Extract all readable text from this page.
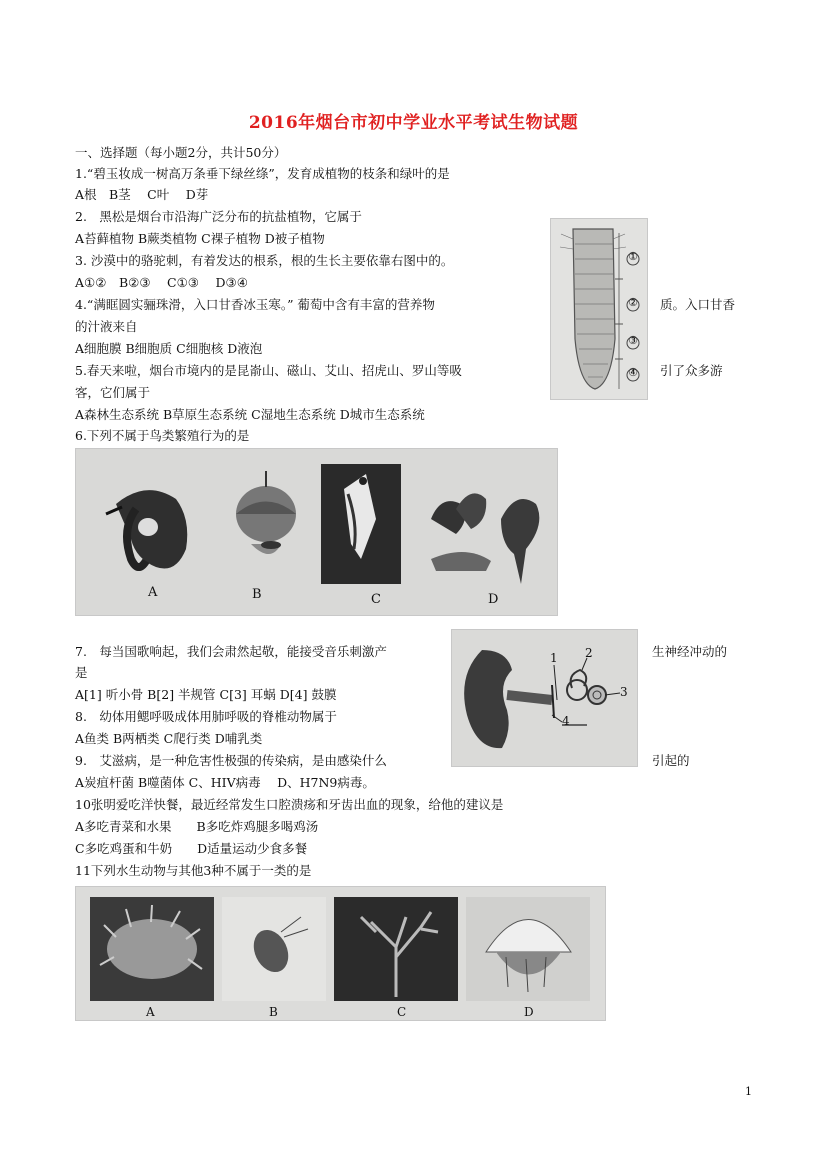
2016年烟台市初中学业水平考试生物试题
一、选择题（每小题2分，共计50分）
1.“碧玉妆成一树高万条垂下绿丝绦”，发育成植物的枝条和绿叶的是
A根　B茎　 C叶　 D芽
2.　黑松是烟台市沿海广泛分布的抗盐植物，它属于
A苔藓植物 B蕨类植物 C裸子植物 D被子植物
3. 沙漠中的骆驼刺，有着发达的根系，根的生长主要依靠右图中的。
A①②　B②③　 C①③　 D③④
4.“满眶圆实骊珠滑，入口甘香冰玉寒。” 葡萄中含有丰富的营养物	质。入口甘香
的汁液来自
A细胞膜 B细胞质 C细胞核 D液泡
5.春天来啦，烟台市境内的是昆嵛山、磁山、艾山、招虎山、罗山等吸	引了众多游
客，它们属于
A森林生态系统 B草原生态系统 C湿地生态系统 D城市生态系统
①
②
③
④
6.下列不属于鸟类繁殖行为的是
A	B	C	D
7.　每当国歌响起，我们会肃然起敬，能接受音乐刺激产	生神经冲动的
是
A[1] 听小骨 B[2] 半规管 C[3] 耳蜗 D[4] 鼓膜
1 2
3
4
8.　幼体用鳃呼吸成体用肺呼吸的脊椎动物属于
A鱼类 B两栖类 C爬行类 D哺乳类
9.　艾滋病，是一种危害性极强的传染病，是由感染什么	引起的
A炭疽杆菌 B噬菌体 C、HIV病毒　 D、H7N9病毒。
10张明爱吃洋快餐，最近经常发生口腔溃疡和牙齿出血的现象，给他的建议是
A多吃青菜和水果　　B多吃炸鸡腿多喝鸡汤
C多吃鸡蛋和牛奶　　D适量运动少食多餐
11下列水生动物与其他3种不属于一类的是
A	B	C	D
1
